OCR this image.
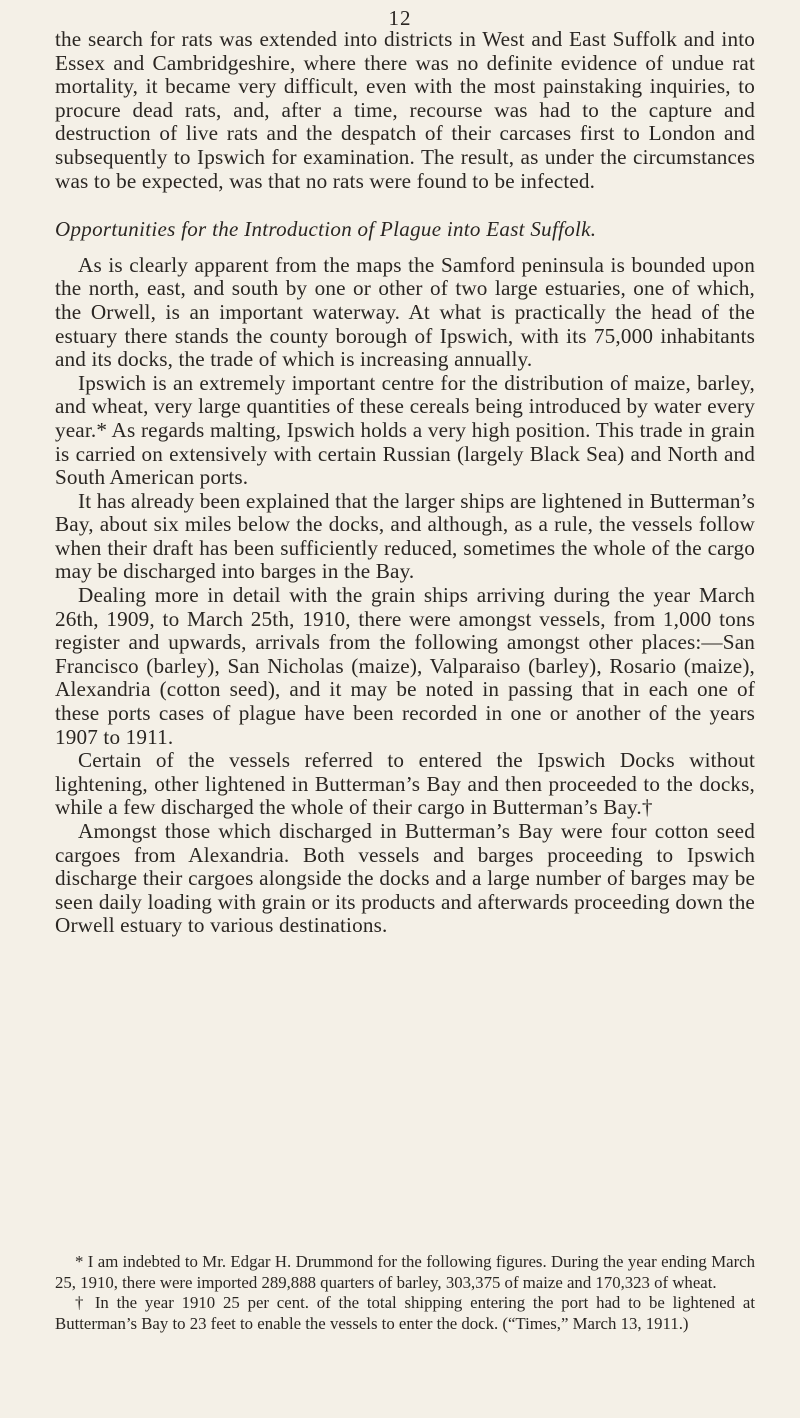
12

the search for rats was extended into districts in West and East Suffolk and into Essex and Cambridgeshire, where there was no definite evidence of undue rat mortality, it became very difficult, even with the most painstaking inquiries, to procure dead rats, and, after a time, recourse was had to the capture and destruction of live rats and the despatch of their carcases first to London and subsequently to Ipswich for examination. The result, as under the circumstances was to be expected, was that no rats were found to be infected.

Opportunities for the Introduction of Plague into East Suffolk.

As is clearly apparent from the maps the Samford peninsula is bounded upon the north, east, and south by one or other of two large estuaries, one of which, the Orwell, is an important waterway. At what is practically the head of the estuary there stands the county borough of Ipswich, with its 75,000 inhabitants and its docks, the trade of which is increasing annually.

Ipswich is an extremely important centre for the distribution of maize, barley, and wheat, very large quantities of these cereals being introduced by water every year.* As regards malting, Ipswich holds a very high position. This trade in grain is carried on extensively with certain Russian (largely Black Sea) and North and South American ports.

It has already been explained that the larger ships are lightened in Butterman’s Bay, about six miles below the docks, and although, as a rule, the vessels follow when their draft has been sufficiently reduced, sometimes the whole of the cargo may be discharged into barges in the Bay.

Dealing more in detail with the grain ships arriving during the year March 26th, 1909, to March 25th, 1910, there were amongst vessels, from 1,000 tons register and upwards, arrivals from the following amongst other places:—San Francisco (barley), San Nicholas (maize), Valparaiso (barley), Rosario (maize), Alexandria (cotton seed), and it may be noted in passing that in each one of these ports cases of plague have been recorded in one or another of the years 1907 to 1911.

Certain of the vessels referred to entered the Ipswich Docks without lightening, other lightened in Butterman’s Bay and then proceeded to the docks, while a few discharged the whole of their cargo in Butterman’s Bay.†

Amongst those which discharged in Butterman’s Bay were four cotton seed cargoes from Alexandria. Both vessels and barges proceeding to Ipswich discharge their cargoes alongside the docks and a large number of barges may be seen daily loading with grain or its products and afterwards proceeding down the Orwell estuary to various destinations.

* I am indebted to Mr. Edgar H. Drummond for the following figures. During the year ending March 25, 1910, there were imported 289,888 quarters of barley, 303,375 of maize and 170,323 of wheat.

† In the year 1910 25 per cent. of the total shipping entering the port had to be lightened at Butterman’s Bay to 23 feet to enable the vessels to enter the dock. (“Times,” March 13, 1911.)
